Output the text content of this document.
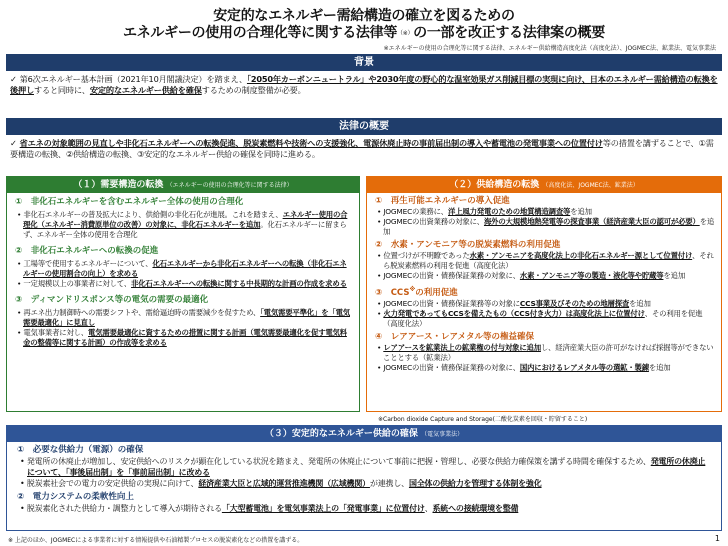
安定的なエネルギー需給構造の確立を図るための
エネルギーの使用の合理化等に関する法律等（※）の一部を改正する法律案の概要
※エネルギーの使用の合理化等に関する法律、エネルギー供給構造高度化法（高度化法）、JOGMEC法、鉱業法、電気事業法
背景
✓ 第6次エネルギー基本計画（2021年10月閣議決定）を踏まえ、「2050年カーボンニュートラル」や2030年度の野心的な温室効果ガス削減目標の実現に向け、日本のエネルギー需給構造の転換を後押しすると同時に、安定的なエネルギー供給を確保するための制度整備が必要。
法律の概要
✓ 省エネの対象範囲の見直しや非化石エネルギーへの転換促進、脱炭素燃料や技術への支援強化、電源休廃止時の事前届出制の導入や蓄電池の発電事業への位置付け等の措置を講ずることで、①需要構造の転換、②供給構造の転換、③安定的なエネルギー供給の確保を同時に進める。
（１）需要構造の転換 （エネルギーの使用の合理化等に関する法律）
①　非化石エネルギーを含むエネルギー全体の使用の合理化
• 非化石エネルギーの普及拡大により、供給側の非化石化が進展。これを踏まえ、エネルギー使用の合理化（エネルギー消費原単位の改善）の対象に、非化石エネルギーを追加。化石エネルギーに留まらず、エネルギー全体の使用を合理化
②　非化石エネルギーへの転換の促進
• 工場等で使用するエネルギーについて、化石エネルギーから非化石エネルギーへの転換（非化石エネルギーの使用割合の向上）を求める
• 一定規模以上の事業者に対して、非化石エネルギーへの転換に関する中長期的な計画の作成を求める
③　ディマンドリスポンス等の電気の需要の最適化
• 再エネ出力制御時への需要シフトや、需給逼迫時の需要減少を促すため、「電気需要平準化」を「電気需要最適化」に見直し
• 電気事業者に対し、電気需要最適化に資するための措置に関する計画（電気需要最適化を促す電気料金の整備等に関する計画）の作成等を求める
（２）供給構造の転換 （高度化法、JOGMEC法、鉱業法）
①　再生可能エネルギーの導入促進
• JOGMECの業務に、洋上風力発電のための地質構造調査等を追加
• JOGMECの出資業務の対象に、海外の大規模地熱発電等の探査事業（経済産業大臣の認可が必要）を追加
②　水素・アンモニア等の脱炭素燃料の利用促進
• 位置づけが不明瞭であった水素・アンモニアを高度化法上の非化石エネルギー源として位置付け、それら脱炭素燃料の利用を促進（高度化法）
• JOGMECの出資・債務保証業務の対象に、水素・アンモニア等の製造・液化等や貯蔵等を追加
③　CCS※の利用促進
• JOGMECの出資・債務保証業務等の対象にCCS事業及びそのための地層探査を追加
• 火力発電であってもCCSを備えたもの（CCS付き火力）は高度化法上に位置付け、その利用を促進（高度化法）
④　レアアース・レアメタル等の権益確保
• レアアースを鉱業法上の鉱業権の付与対象に追加し、経済産業大臣の許可がなければ採掘等ができないこととする（鉱業法）
• JOGMECの出資・債務保証業務の対象に、国内におけるレアメタル等の選鉱・製錬を追加
※Carbon dioxide Capture and Storage(二酸化炭素を回収・貯留すること)
（３）安定的なエネルギー供給の確保 （電気事業法）
①　必要な供給力（電源）の確保
• 発電所の休廃止が増加し、安定供給へのリスクが顕在化している状況を踏まえ、発電所の休廃止について事前に把握・管理し、必要な供給力確保策を講ずる時間を確保するため、発電所の休廃止について、「事後届出制」を「事前届出制」に改める
• 脱炭素社会での電力の安定供給の実現に向けて、経済産業大臣と広域的運営推進機関（広域機関）が連携し、国全体の供給力を管理する体制を強化
②　電力システムの柔軟性向上
• 脱炭素化された供給力・調整力として導入が期待される「大型蓄電池」を電気事業法上の「発電事業」に位置付け、系統への接続環境を整備
※ 上記のほか、JOGMECによる事業者に対する情報提供や石油精製プロセスの脱炭素化などの措置を講ずる。	1
